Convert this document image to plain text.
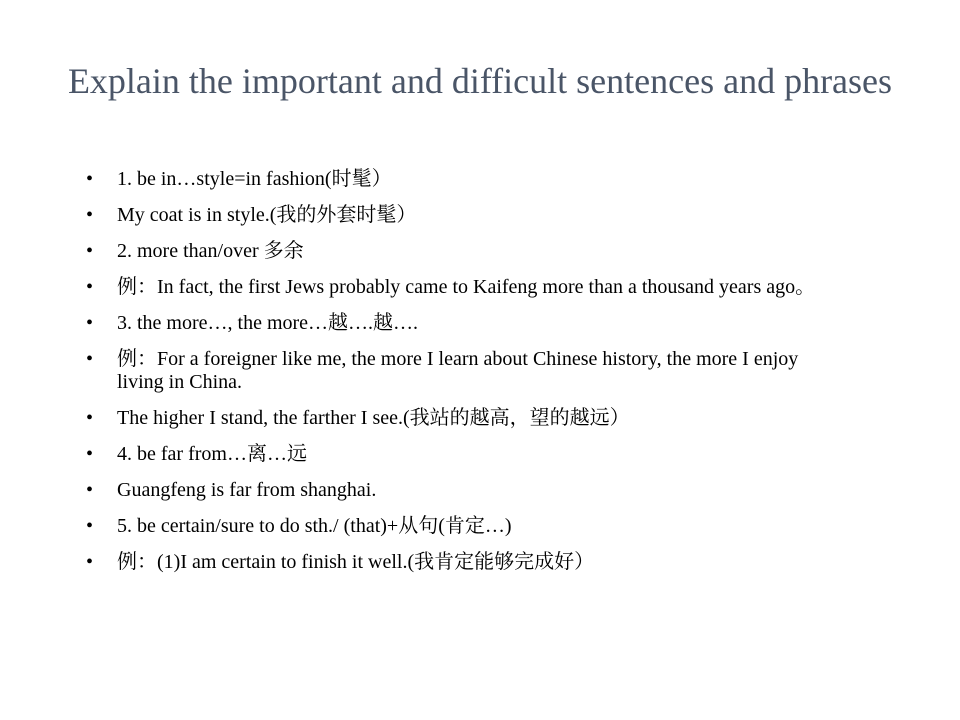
Explain the important and difficult sentences and phrases
• 1. be in…style=in fashion(时髦）
• My coat is in style.(我的外套时髦）
• 2. more than/over 多余
• 例：In fact, the first Jews probably came to Kaifeng more than a thousand years ago。
• 3. the more…, the more…越….越….
• 例：For a foreigner like me, the more I learn about Chinese history, the more I enjoy living in China.
• The higher I stand, the farther I see.(我站的越高，望的越远）
• 4. be far from…离…远
• Guangfeng is far from shanghai.
• 5. be certain/sure to do sth./ (that)+从句(肯定…)
• 例：(1)I am certain to finish it well.(我肯定能够完成好）
